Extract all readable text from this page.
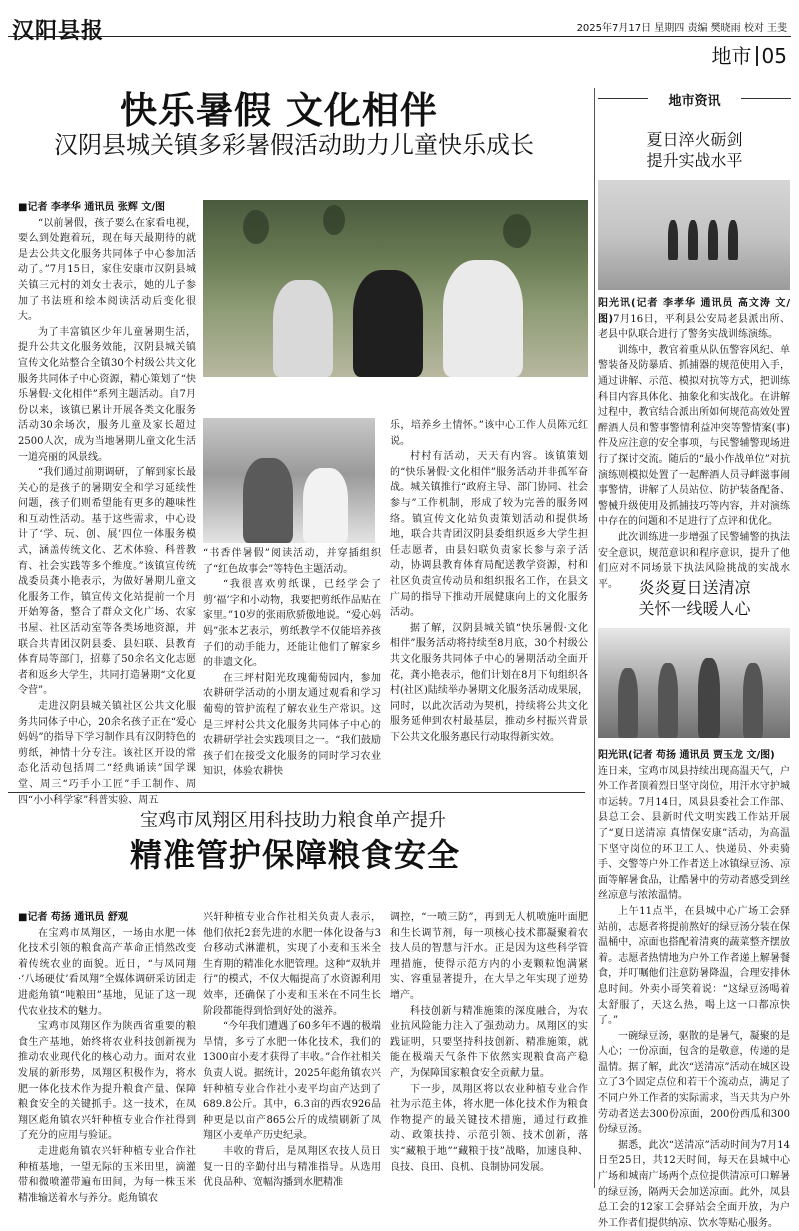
汉阳县报	2025年7月17日 星期四 责编 樊晓雨 校对 王斐
地市 05
快乐暑假 文化相伴
汉阴县城关镇多彩暑假活动助力儿童快乐成长

■记者 李孝华 通讯员 张辉 文/图

“以前暑假，孩子要么在家看电视，要么到处跑着玩，现在每天最期待的就是去公共文化服务共同体子中心参加活动了。”7月15日，家住安康市汉阴县城关镇三元村的刘女士表示，她的儿子参加了书法班和绘本阅读活动后变化很大。

为了丰富镇区少年儿童暑期生活，提升公共文化服务效能，汉阴县城关镇宣传文化站整合全镇30个村级公共文化服务共同体子中心资源，精心策划了“快乐暑假·文化相伴”系列主题活动。自7月份以来，该镇已累计开展各类文化服务活动30余场次，服务儿童及家长超过2500人次，成为当地暑期儿童文化生活一道亮丽的风景线。

“我们通过前期调研，了解到家长最关心的是孩子的暑期安全和学习延续性问题，孩子们则希望能有更多的趣味性和互动性活动。基于这些需求，中心设计了‘学、玩、创、展’四位一体服务模式，涵盖传统文化、艺术体验、科普教育、社会实践等多个维度。”该镇宣传统战委员龚小艳表示，为做好暑期儿童文化服务工作，镇宣传文化站提前一个月开始筹备，整合了群众文化广场、农家书屋、社区活动室等各类场地资源，并联合共青团汉阴县委、县妇联、县教育体育局等部门，招募了50余名文化志愿者和返乡大学生，共同打造暑期“文化夏令营”。

走进汉阴县城关镇社区公共文化服务共同体子中心，20余名孩子正在“爱心妈妈”的指导下学习制作具有汉阴特色的剪纸，神情十分专注。该社区开设的常态化活动包括周二“经典诵读”国学课堂、周三“巧手小工匠”手工制作、周四“小小科学家”科普实验、周五

“书香伴暑假”阅读活动，并穿插组织了“红色故事会”等特色主题活动。

“我很喜欢剪纸课，已经学会了剪‘福’字和小动物，我要把剪纸作品贴在家里。”10岁的张雨欣骄傲地说。“爱心妈妈”张本艺表示，剪纸教学不仅能培养孩子们的动手能力，还能让他们了解家乡的非遗文化。

在三坪村阳光玫瑰葡萄园内，参加农耕研学活动的小朋友通过观看和学习葡萄的管护流程了解农业生产常识。这是三坪村公共文化服务共同体子中心的农耕研学社会实践项目之一。“我们鼓励孩子们在接受文化服务的同时学习农业知识，体验农耕快

乐，培养乡土情怀。”该中心工作人员陈元红说。

村村有活动，天天有内容。该镇策划的“快乐暑假·文化相伴”服务活动并非孤军奋战。城关镇推行“政府主导、部门协同、社会参与”工作机制，形成了较为完善的服务网络。镇宣传文化站负责策划活动和提供场地，联合共青团汉阴县委组织返乡大学生担任志愿者，由县妇联负责家长参与亲子活动，协调县教育体育局配送教学资源，村和社区负责宣传动员和组织报名工作，在县文广局的指导下推动开展健康向上的文化服务活动。

据了解，汉阴县城关镇“快乐暑假·文化相伴”服务活动将持续至8月底，30个村级公共文化服务共同体子中心的暑期活动全面开花，龚小艳表示，他们计划在8月下旬组织各村(社区)陆续举办暑期文化服务活动成果展，同时，以此次活动为契机，持续将公共文化服务延伸到农村最基层，推动乡村振兴背景下公共文化服务惠民行动取得新实效。

地市资讯
夏日淬火砺剑
提升实战水平

阳光讯(记者 李孝华 通讯员 高文涛 文/图)7月16日，平利县公安局老县派出所、老县中队联合进行了警务实战训练演练。

训练中，教官着重从队伍警容风纪、单警装备及防暴盾、抓捕器的规范使用入手，通过讲解、示范、模拟对抗等方式，把训练科目内容具体化、抽象化和实战化。在讲解过程中，教官结合派出所如何规范高效处置醉酒人员和警事警情利益冲突等警情案(事)件及应注意的安全事项，与民警辅警现场进行了探讨交流。随后的“最小作战单位”对抗演练则模拟处置了一起醉酒人员寻衅滋事闹事警情，讲解了人员站位、防护装备配备、警械升级使用及抓捕技巧等内容，并对演练中存在的问题和不足进行了点评和优化。

此次训练进一步增强了民警辅警的执法安全意识，规范意识和程序意识，提升了他们应对不同场景下执法风险挑战的实战水平。	炎炎夏日送清凉
关怀一线暖人心

阳光讯(记者 苟扬 通讯员 贾玉龙 文/图)

连日来，宝鸡市凤县持续出现高温天气，户外工作者顶着烈日坚守岗位，用汗水守护城市运转。7月14日，凤县县委社会工作部、县总工会、县新时代文明实践工作站开展了“夏日送清凉 真情保安康”活动，为高温下坚守岗位的环卫工人、快递员、外卖骑手、交警等户外工作者送上冰镇绿豆汤、凉面等解暑食品，让酷暑中的劳动者感受到丝丝凉意与浓浓温情。

上午11点半，在县城中心广场工会驿站前，志愿者将提前熬好的绿豆汤分装在保温桶中，凉面也搭配着清爽的蔬菜整齐摆放着。志愿者热情地为户外工作者递上解暑餐食，并叮嘱他们注意防暑降温，合理安排休息时间。外卖小哥笑着说：“这绿豆汤喝着太舒服了，天这么热，喝上这一口都凉快了。”

一碗绿豆汤，驱散的是暑气，凝聚的是人心；一份凉面，包含的是敬意，传递的是温情。据了解，此次“送清凉”活动在城区设立了3个固定点位和若干个流动点，满足了不同户外工作者的实际需求，当天共为户外劳动者送去300份凉面，200份西瓜和300份绿豆汤。

据悉，此次“送清凉”活动时间为7月14日至25日，共12天时间，每天在县城中心广场和城南广场两个点位提供清凉可口解暑的绿豆汤，隔两天会加送凉面。此外，凤县总工会的12家工会驿站会全面开放，为户外工作者们提供纳凉、饮水等贴心服务。

宝鸡市凤翔区用科技助力粮食单产提升
精准管护保障粮食安全

■记者 苟扬 通讯员 舒观

在宝鸡市凤翔区，一场由水肥一体化技术引领的粮食高产革命正悄然改变着传统农业的面貌。近日，“与凤同翔·‘八场硬仗’看凤翔”全媒体调研采访团走进彪角镇“吨粮田”基地，见证了这一现代农业技术的魅力。

宝鸡市凤翔区作为陕西省重要的粮食生产基地，始终将农业科技创新视为推动农业现代化的核心动力。面对农业发展的新形势，凤翔区积极作为，将水肥一体化技术作为提升粮食产量、保障粮食安全的关键抓手。这一技术，在凤翔区彪角镇农兴轩种植专业合作社得到了充分的应用与验证。

走进彪角镇农兴轩种植专业合作社种植基地，一望无际的玉米田里，滴灌带和微喷灌带遍布田间，为每一株玉米精准输送着水与养分。彪角镇农

兴轩种植专业合作社相关负责人表示，他们依托2套先进的水肥一体化设备与3台移动式淋灌机，实现了小麦和玉米全生育期的精准化水肥管理。这种“双轨并行”的模式，不仅大幅提高了水资源利用效率，还确保了小麦和玉米在不同生长阶段都能得到恰到好处的滋养。

“今年我们遭遇了60多年不遇的极端旱情，多亏了水肥一体化技术，我们的1300亩小麦才获得了丰收。”合作社相关负责人说。据统计，2025年彪角镇农兴轩种植专业合作社小麦平均亩产达到了689.8公斤。其中，6.3亩的西农926品种更是以亩产865公斤的成绩刷新了凤翔区小麦单产历史纪录。

丰收的背后，是凤翔区农技人员日复一日的辛勤付出与精准指导。从选用优良品种、宽幅沟播到水肥精准

调控，“一喷三防”，再到无人机喷施叶面肥和生长调节剂，每一项核心技术都凝聚着农技人员的智慧与汗水。正是因为这些科学管理措施，使得示范方内的小麦颗粒饱满紧实、容重显著提升，在大旱之年实现了逆势增产。

科技创新与精准施策的深度融合，为农业抗风险能力注入了强劲动力。凤翔区的实践证明，只要坚持科技创新、精准施策，就能在极端天气条件下依然实现粮食高产稳产，为保障国家粮食安全贡献力量。

下一步，凤翔区将以农业种植专业合作社为示范主体，将水肥一体化技术作为粮食作物提产的最关键技术措施，通过行政推动、政策扶持、示范引领、技术创新，落实“藏粮于地”“藏粮于技”战略，加速良种、良技、良田、良机、良制协同发展。
